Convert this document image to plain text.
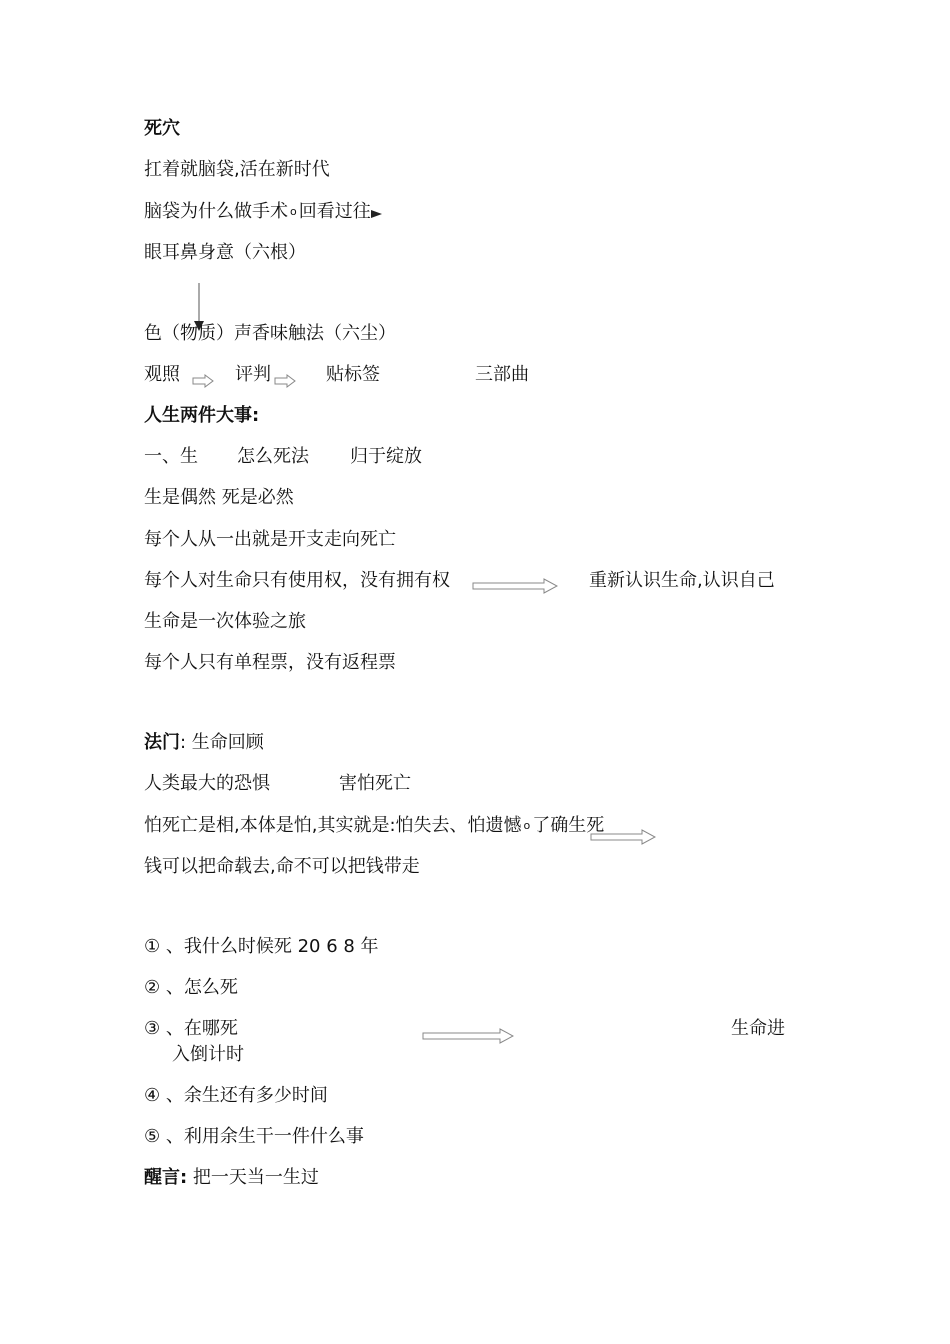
死穴
扛着就脑袋,活在新时代
脑袋为什么做手术 o 回看过往
眼耳鼻身意（六根）
色（物质）声香味触法（六尘）
观照	评判	贴标签	三部曲
人生两件大事:
一、生 怎么死法 归于绽放
生是偶然 死是必然
每个人从一出就是开支走向死亡
每个人对生命只有使用权，没有拥有权	重新认识生命,认识自己
生命是一次体验之旅
每个人只有单程票，没有返程票
法门: 生命回顾
人类最大的恐惧	害怕死亡
怕死亡是相,本体是怕,其实就是:怕失去、怕遗憾 o 了确生死
钱可以把命载去,命不可以把钱带走
① 、我什么时候死 20 6 8 年
② 、怎么死
③ 、在哪死	生命进
入倒计时
④ 、余生还有多少时间
⑤ 、利用余生干一件什么事
醒言: 把一天当一生过
